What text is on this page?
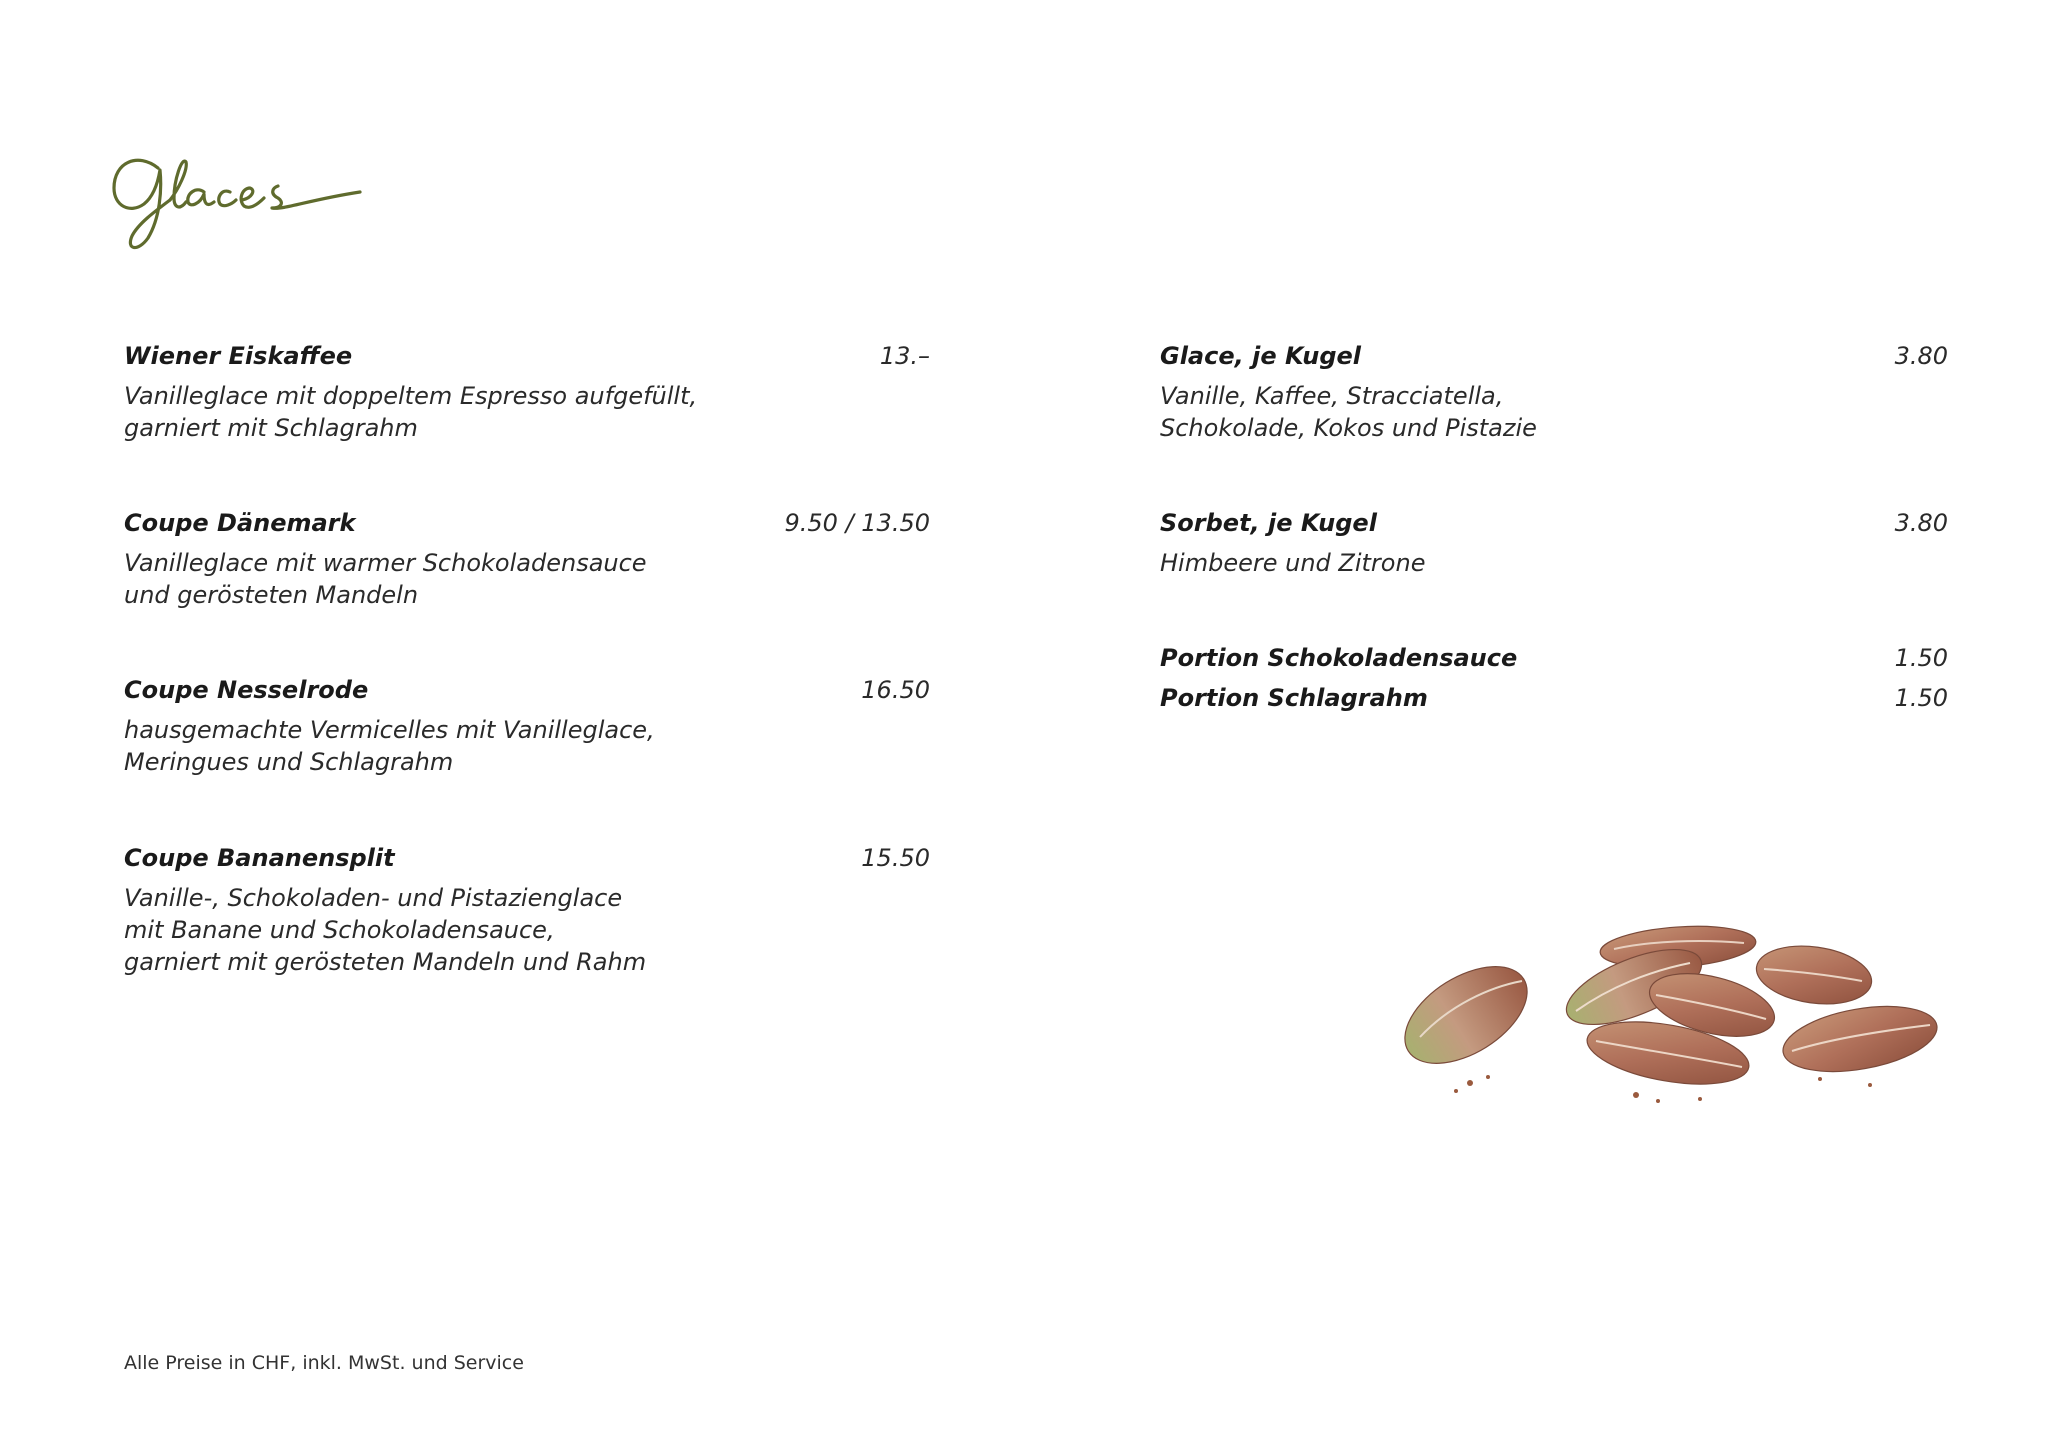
Wiener Eiskaffee	13.–
Vanilleglace mit doppeltem Espresso aufgefüllt,
garniert mit Schlagrahm
Coupe Dänemark	9.50 / 13.50
Vanilleglace mit warmer Schokoladensauce
und gerösteten Mandeln
Coupe Nesselrode	16.50
hausgemachte Vermicelles mit Vanilleglace,
Meringues und Schlagrahm
Coupe Bananensplit	15.50
Vanille-, Schokoladen- und Pistazienglace
mit Banane und Schokoladensauce,
garniert mit gerösteten Mandeln und Rahm
Glace, je Kugel	3.80
Vanille, Kaffee, Stracciatella,
Schokolade, Kokos und Pistazie
Sorbet, je Kugel	3.80
Himbeere und Zitrone
Portion Schokoladensauce	1.50
Portion Schlagrahm	1.50
Alle Preise in CHF, inkl. MwSt. und Service
